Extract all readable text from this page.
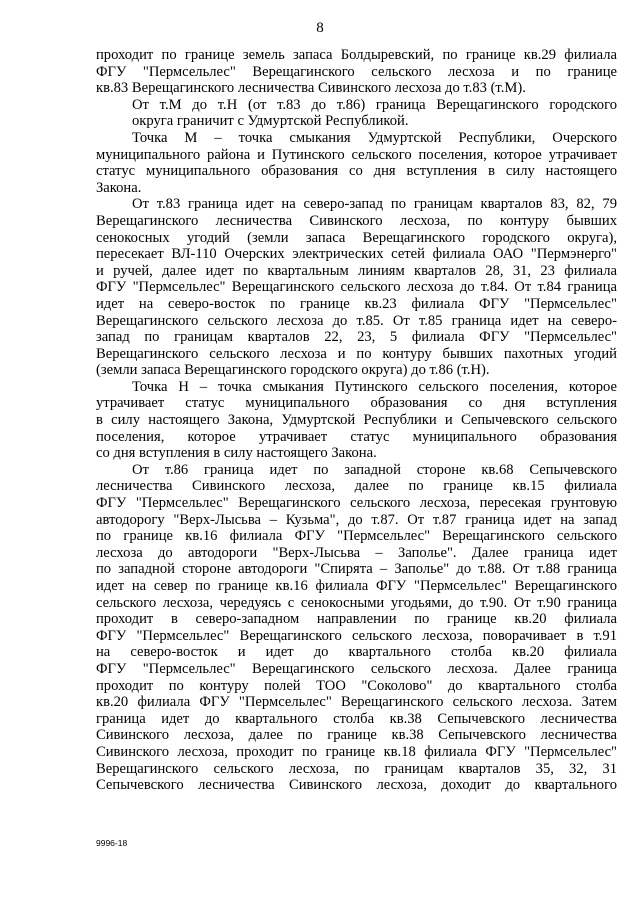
8

проходит по границе земель запаса Болдыревский, по границе кв.29 филиала

ФГУ "Пермсельлес" Верещагинского сельского лесхоза и по границе

кв.83 Верещагинского лесничества Сивинского лесхоза до т.83 (т.М).

От т.М до т.Н (от т.83 до т.86) граница Верещагинского городского

округа граничит с Удмуртской Республикой.

Точка М – точка смыкания Удмуртской Республики, Очерского

муниципального района и Путинского сельского поселения, которое утрачивает

статус муниципального образования со дня вступления в силу настоящего

Закона.

От т.83 граница идет на северо-запад по границам кварталов 83, 82, 79

Верещагинского лесничества Сивинского лесхоза, по контуру бывших

сенокосных угодий (земли запаса Верещагинского городского округа),

пересекает ВЛ-110 Очерских электрических сетей филиала ОАО "Пермэнерго"

и ручей, далее идет по квартальным линиям кварталов 28, 31, 23 филиала

ФГУ "Пермсельлес" Верещагинского сельского лесхоза до т.84. От т.84 граница

идет на северо-восток по границе кв.23 филиала ФГУ "Пермсельлес"

Верещагинского сельского лесхоза до т.85. От т.85 граница идет на северо-

запад по границам кварталов 22, 23, 5 филиала ФГУ "Пермсельлес"

Верещагинского сельского лесхоза и по контуру бывших пахотных угодий

(земли запаса Верещагинского городского округа) до т.86 (т.Н).

Точка Н – точка смыкания Путинского сельского поселения, которое

утрачивает статус муниципального образования со дня вступления

в силу настоящего Закона, Удмуртской Республики и Сепычевского сельского

поселения, которое утрачивает статус муниципального образования

со дня вступления в силу настоящего Закона.

От т.86 граница идет по западной стороне кв.68 Сепычевского

лесничества Сивинского лесхоза, далее по границе кв.15 филиала

ФГУ "Пермсельлес" Верещагинского сельского лесхоза, пересекая грунтовую

автодорогу "Верх-Лысьва – Кузьма", до т.87. От т.87 граница идет на запад

по границе кв.16 филиала ФГУ "Пермсельлес" Верещагинского сельского

лесхоза до автодороги "Верх-Лысьва – Заполье". Далее граница идет

по западной стороне автодороги "Спирята – Заполье" до т.88. От т.88 граница

идет на север по границе кв.16 филиала ФГУ "Пермсельлес" Верещагинского

сельского лесхоза, чередуясь с сенокосными угодьями, до т.90. От т.90 граница

проходит в северо-западном направлении по границе кв.20 филиала

ФГУ "Пермсельлес" Верещагинского сельского лесхоза, поворачивает в т.91

на северо-восток и идет до квартального столба кв.20 филиала

ФГУ "Пермсельлес" Верещагинского сельского лесхоза. Далее граница

проходит по контуру полей ТОО "Соколово" до квартального столба

кв.20 филиала ФГУ "Пермсельлес" Верещагинского сельского лесхоза. Затем

граница идет до квартального столба кв.38 Сепычевского лесничества

Сивинского лесхоза, далее по границе кв.38 Сепычевского лесничества

Сивинского лесхоза, проходит по границе кв.18 филиала ФГУ "Пермсельлес"

Верещагинского сельского лесхоза, по границам кварталов 35, 32, 31

Сепычевского лесничества Сивинского лесхоза, доходит до квартального

9996-18
